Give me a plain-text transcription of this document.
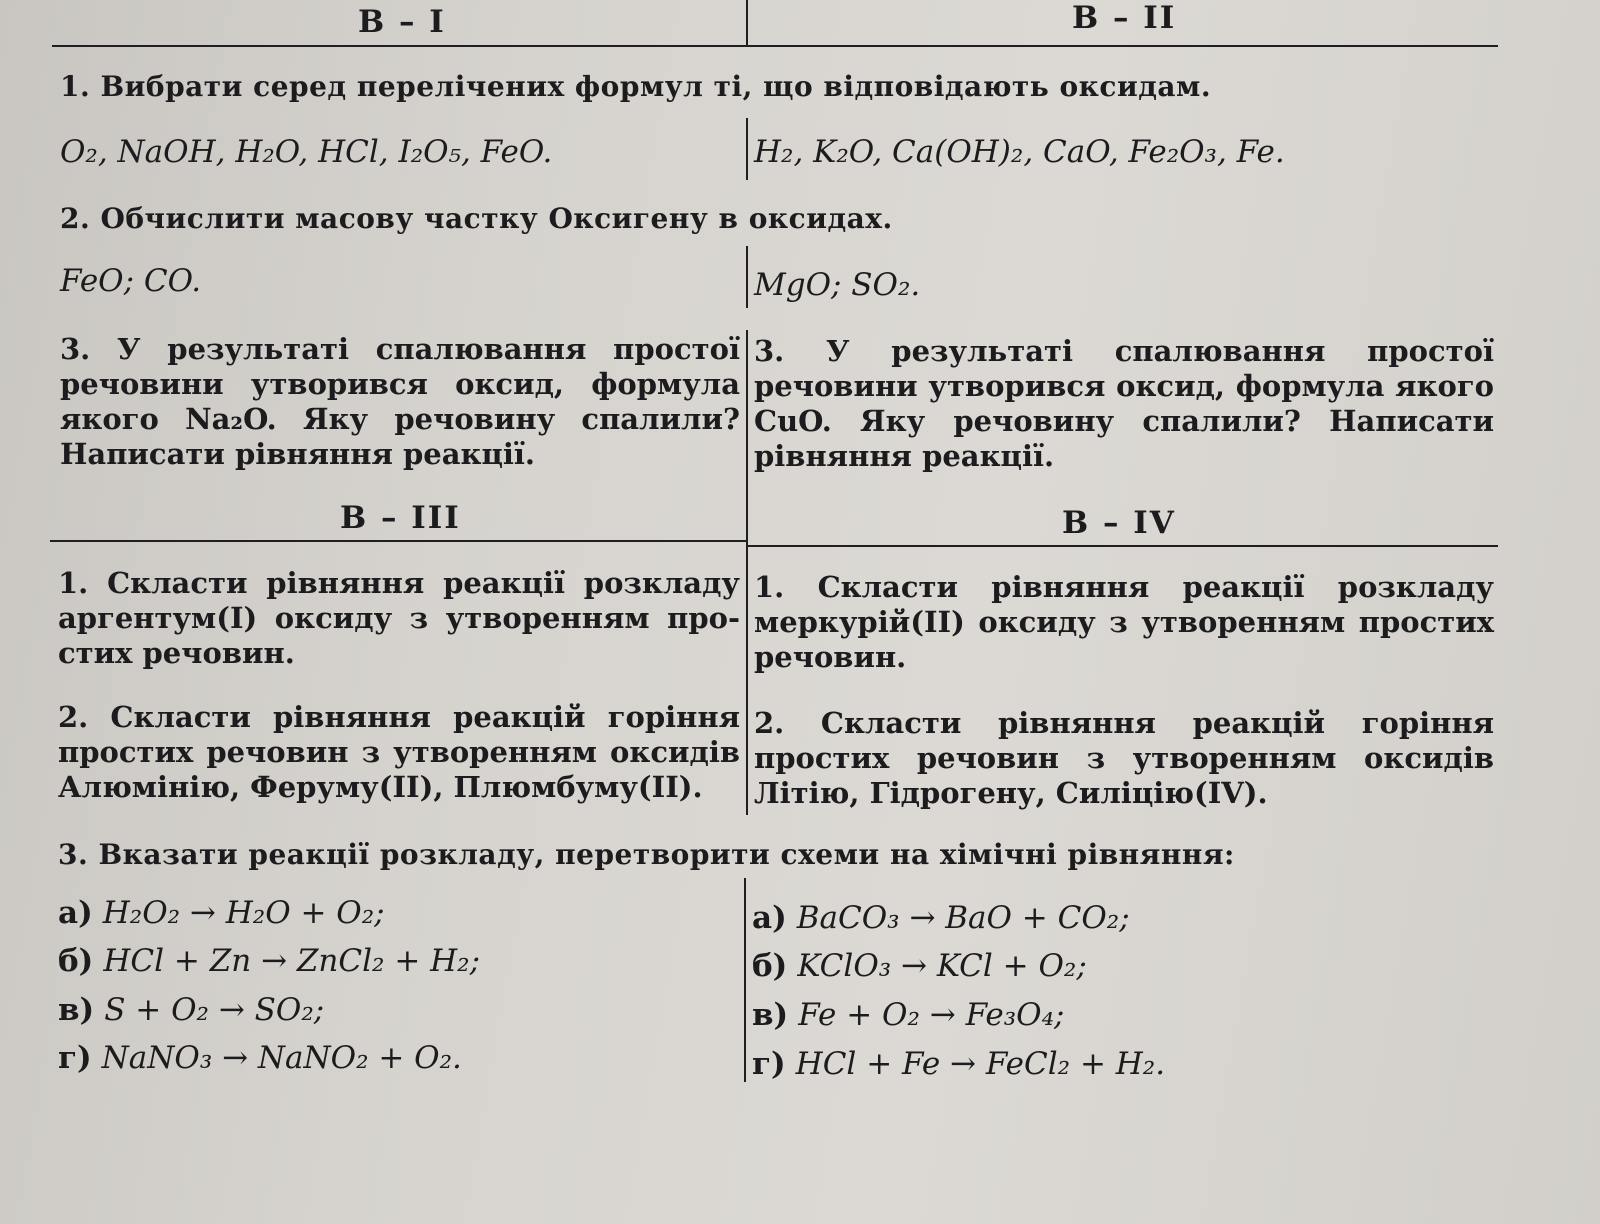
B – I	B – II
1. Вибрати серед перелічених формул ті, що відповідають оксидам.
O₂, NaOH, H₂O, HCl, I₂O₅, FeO.	H₂, K₂O, Ca(OH)₂, CaO, Fe₂O₃, Fe.
2. Обчислити масову частку Оксигену в оксидах.
FeO; CO.	MgO; SO₂.
3. У результаті спалювання простої
речовини утворився оксид, формула
якого Na₂O. Яку речовину спалили?
Написати рівняння реакції.
3. У результаті спалювання простої
речовини утворився оксид, формула якого
CuO. Яку речовину спалили? Написати
рівняння реакції.
B – III	B – IV
1. Скласти рівняння реакції розкладу
аргентум(I) оксиду з утворенням про-
стих речовин.
1. Скласти рівняння реакції розкладу
меркурій(II) оксиду з утворенням простих
речовин.
2. Скласти рівняння реакцій горіння
простих речовин з утворенням оксидів
Алюмінію, Феруму(II), Плюмбуму(II).
2. Скласти рівняння реакцій горіння
простих речовин з утворенням оксидів
Літію, Гідрогену, Силіцію(IV).
3. Вказати реакції розкладу, перетворити схеми на хімічні рівняння:
а) H₂O₂ → H₂O + O₂;
б) HCl + Zn → ZnCl₂ + H₂;
в) S + O₂ → SO₂;
г) NaNO₃ → NaNO₂ + O₂.
а) BaCO₃ → BaO + CO₂;
б) KClO₃ → KCl + O₂;
в) Fe + O₂ → Fe₃O₄;
г) HCl + Fe → FeCl₂ + H₂.
